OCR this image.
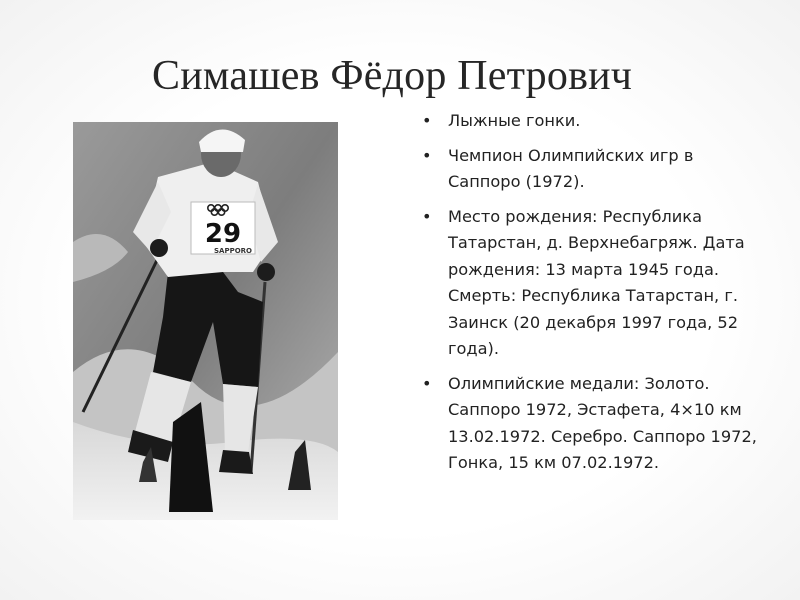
Симашев Фёдор Петрович
29
SAPPORO
• Лыжные гонки.
• Чемпион Олимпийских игр в Саппоро (1972).
• Место рождения: Республика Татарстан, д. Верхнебагряж. Дата рождения: 13 марта 1945 года. Смерть: Республика Татарстан, г. Заинск (20 декабря 1997 года, 52 года).
• Олимпийские медали: Золото. Саппоро 1972, Эстафета, 4×10 км 13.02.1972. Серебро. Саппоро 1972, Гонка, 15 км 07.02.1972.
